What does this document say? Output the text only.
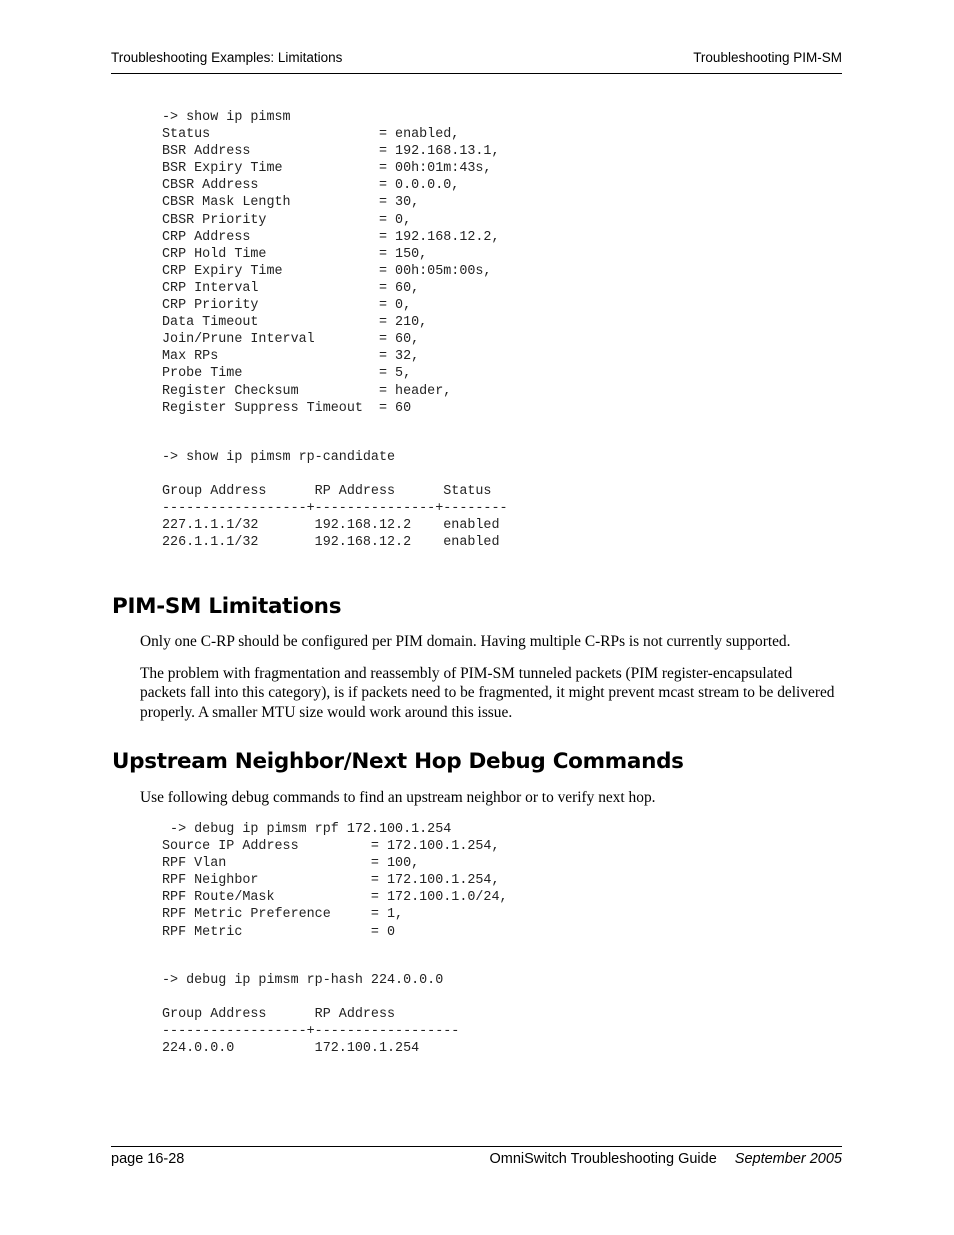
Troubleshooting Examples: Limitations	Troubleshooting PIM-SM
-> show ip pimsm
Status                     = enabled,
BSR Address                = 192.168.13.1,
BSR Expiry Time            = 00h:01m:43s,
CBSR Address               = 0.0.0.0,
CBSR Mask Length           = 30,
CBSR Priority              = 0,
CRP Address                = 192.168.12.2,
CRP Hold Time              = 150,
CRP Expiry Time            = 00h:05m:00s,
CRP Interval               = 60,
CRP Priority               = 0,
Data Timeout               = 210,
Join/Prune Interval        = 60,
Max RPs                    = 32,
Probe Time                 = 5,
Register Checksum          = header,
Register Suppress Timeout  = 60
-> show ip pimsm rp-candidate

Group Address      RP Address      Status
------------------+---------------+--------
227.1.1.1/32       192.168.12.2    enabled
226.1.1.1/32       192.168.12.2    enabled
PIM-SM Limitations

Only one C-RP should be configured per PIM domain. Having multiple C-RPs is not currently supported.

The problem with fragmentation and reassembly of PIM-SM tunneled packets (PIM register-encapsulated packets fall into this category), is if packets need to be fragmented, it might prevent mcast stream to be delivered properly. A smaller MTU size would work around this issue.

Upstream Neighbor/Next Hop Debug Commands

Use following debug commands to find an upstream neighbor or to verify next hop.

-> debug ip pimsm rpf 172.100.1.254
Source IP Address         = 172.100.1.254,
RPF Vlan                  = 100,
RPF Neighbor              = 172.100.1.254,
RPF Route/Mask            = 172.100.1.0/24,
RPF Metric Preference     = 1,
RPF Metric                = 0
-> debug ip pimsm rp-hash 224.0.0.0

Group Address      RP Address
------------------+------------------
224.0.0.0          172.100.1.254
page 16-28	OmniSwitch Troubleshooting Guide September 2005
